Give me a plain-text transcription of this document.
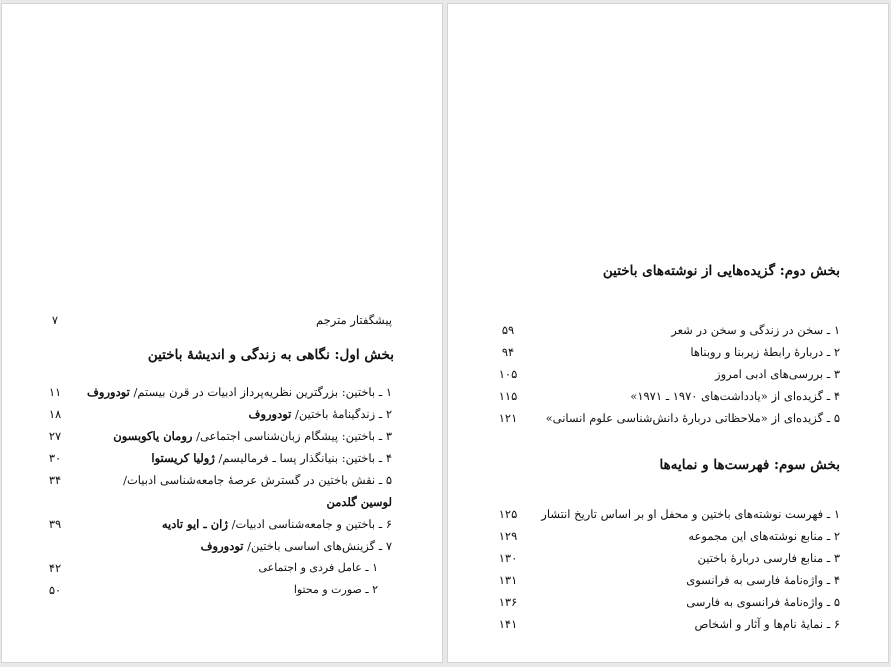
بخش دوم: گزیده‌هایی از نوشته‌های باختین
۱ ـ سخن در زندگی و سخن در شعر
۵۹
۲ ـ دربارهٔ رابطهٔ زیربنا و روبناها
۹۴
۳ ـ بررسی‌های ادبی امروز
۱۰۵
۴ ـ گزیده‌ای از «یادداشت‌های ۱۹۷۰ ـ ۱۹۷۱»
۱۱۵
۵ ـ گزیده‌ای از «ملاحظاتی دربارهٔ دانش‌شناسی علوم انسانی»
۱۲۱
بخش سوم: فهرست‌ها و نمایه‌ها
۱ ـ فهرست نوشته‌های باختین و محفل او بر اساس تاریخ انتشار
۱۲۵
۲ ـ منابع نوشته‌های این مجموعه
۱۲۹
۳ ـ منابع فارسی دربارهٔ باختین
۱۳۰
۴ ـ واژه‌نامهٔ فارسی به فرانسوی
۱۳۱
۵ ـ واژه‌نامهٔ فرانسوی به فارسی
۱۳۶
۶ ـ نمایهٔ نام‌ها و آثار و اشخاص
۱۴۱
پیشگفتار مترجم
۷
بخش اول: نگاهی به زندگی و اندیشهٔ باختین
۱ ـ باختین: بزرگترین نظریه‌پرداز ادبیات در قرن بیستم/ تودوروف
۱۱
۲ ـ زندگینامهٔ باختین/ تودوروف
۱۸
۳ ـ باختین: پیشگام زبان‌شناسی اجتماعی/ رومان یاکوبسون
۲۷
۴ ـ باختین: بنیانگذار پسا ـ فرمالیسم/ ژولیا کریستوا
۳۰
۵ ـ نقش باختین در گسترش عرصهٔ جامعه‌شناسی ادبیات/
۳۴
لوسین گلدمن
۶ ـ باختین و جامعه‌شناسی ادبیات/ ژان ـ ایو تادیه
۳۹
۷ ـ گزینش‌های اساسی باختین/ تودوروف
۱ ـ عامل فردی و اجتماعی
۴۲
۲ ـ صورت و محتوا
۵۰
